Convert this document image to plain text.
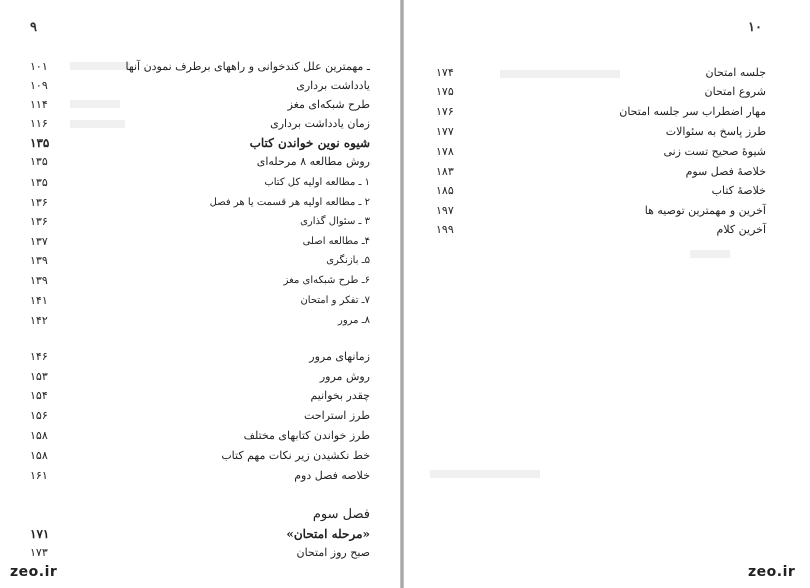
۹	۱۰
ـ مهمترین علل کندخوانی و راههای برطرف نمودن آنها
۱۰۱
یادداشت برداری
۱۰۹
طرح شبکه‌ای مغز
۱۱۴
زمان یادداشت برداری
۱۱۶
شیوه نوین خواندن کتاب
۱۳۵
روش مطالعه ۸ مرحله‌ای
۱۳۵
۱ ـ مطالعه اولیه کل کتاب
۱۳۵
۲ ـ مطالعه اولیه هر قسمت یا هر فصل
۱۳۶
۳ ـ سئوال گذاری
۱۳۶
۴ـ مطالعه اصلی
۱۳۷
۵ـ بازنگری
۱۳۹
۶ـ طرح شبکه‌ای مغز
۱۳۹
۷ـ تفکر و امتحان
۱۴۱
۸ـ مرور
۱۴۲
زمانهای مرور
۱۴۶
روش مرور
۱۵۳
چقدر بخوانیم
۱۵۴
طرز استراحت
۱۵۶
طرز خواندن کتابهای مختلف
۱۵۸
خط نکشیدن زیر نکات مهم کتاب
۱۵۸
خلاصه فصل دوم
۱۶۱
فصل سوم
«مرحله امتحان»
۱۷۱
صبح روز امتحان
۱۷۳
جلسه امتحان
۱۷۴
شروع امتحان
۱۷۵
مهار اضطراب سر جلسه امتحان
۱۷۶
طرز پاسخ به سئوالات
۱۷۷
شیوهٔ صحیح تست زنی
۱۷۸
خلاصهٔ فصل سوم
۱۸۳
خلاصهٔ کتاب
۱۸۵
آخرین و مهمترین توصیه ها
۱۹۷
آخرین کلام
۱۹۹
zeo.ir	zeo.ir
